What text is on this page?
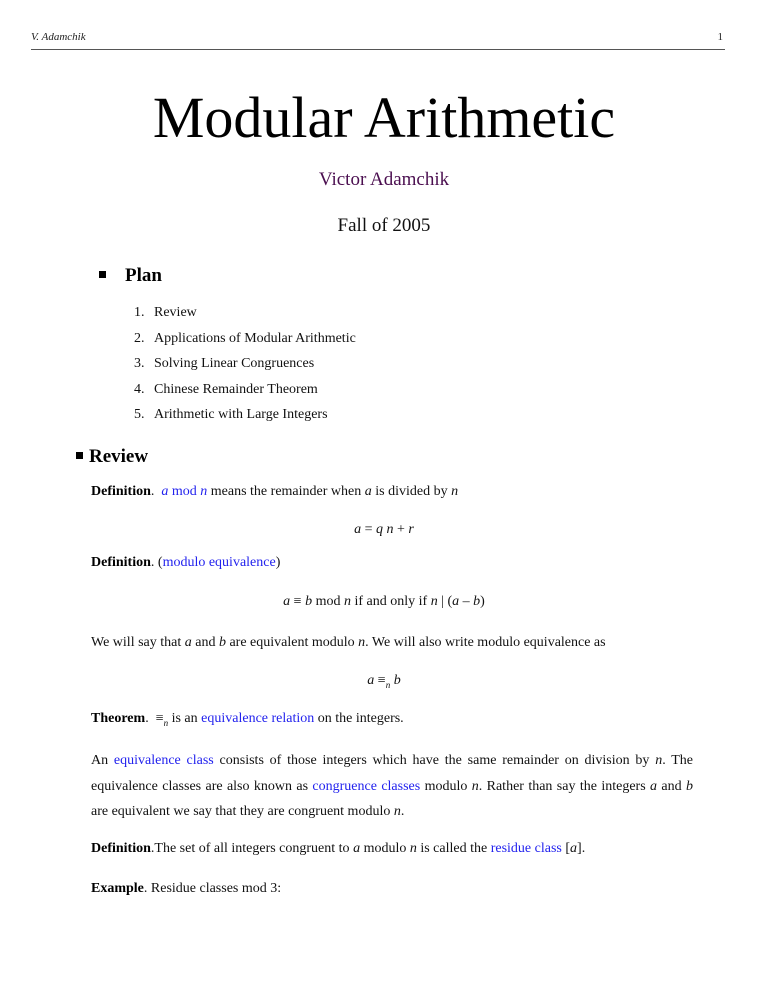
V. Adamchik	1
Modular Arithmetic
Victor Adamchik
Fall of 2005
Plan
1. Review
2. Applications of Modular Arithmetic
3. Solving Linear Congruences
4. Chinese Remainder Theorem
5. Arithmetic with Large Integers
Review
Definition.  a mod n means the remainder when a is divided by n
a = q n + r
Definition. (modulo equivalence)
a ≡ b mod n if and only if n | (a – b)
We will say that a and b are equivalent modulo n. We will also write modulo equivalence as
$a \equiv_n$ b
Theorem.  $\equiv_n$ is an equivalence relation on the integers.
An equivalence class consists of those integers which have the same remainder on division by n. The equivalence classes are also known as congruence classes modulo n. Rather than say the integers a and b are equivalent we say that they are congruent modulo n.
Definition.The set of all integers congruent to a modulo n is called the residue class [a].
Example. Residue classes mod 3:
